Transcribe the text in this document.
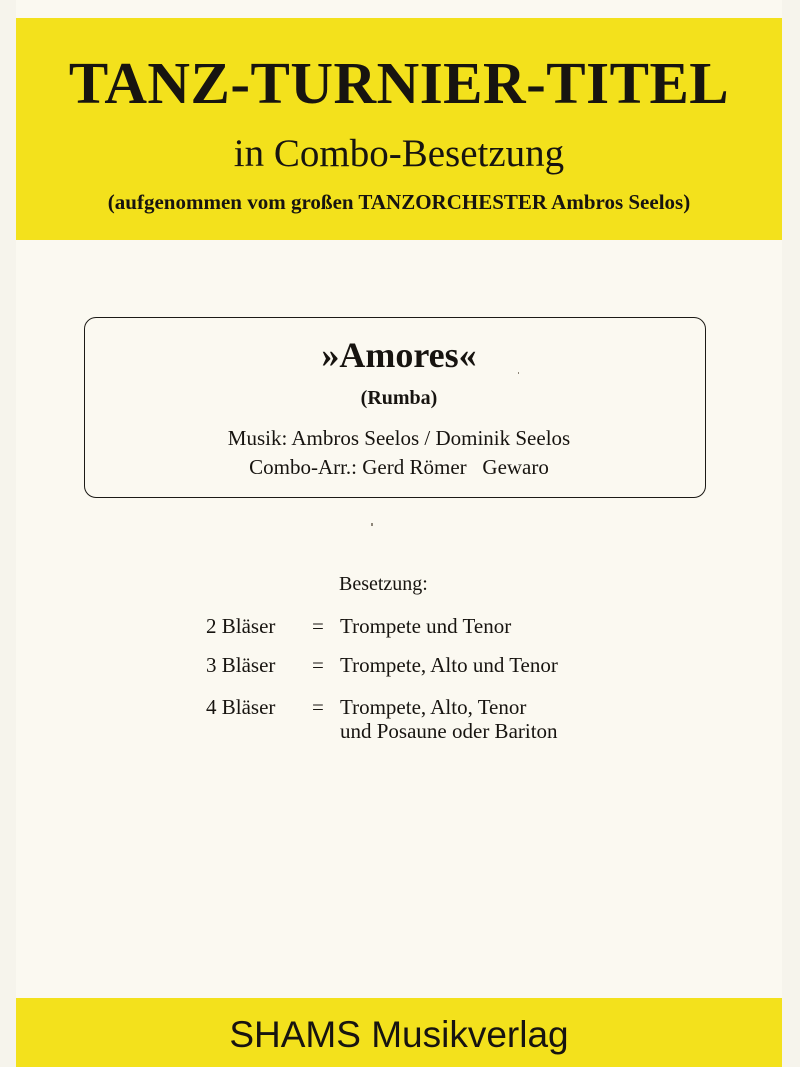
TANZ-TURNIER-TITEL
in Combo-Besetzung
(aufgenommen vom großen TANZORCHESTER Ambros Seelos)
»Amores«
(Rumba)
Musik: Ambros Seelos / Dominik Seelos
Combo-Arr.: Gerd Römer   Gewaro
Besetzung:
2 Bläser = Trompete und Tenor
3 Bläser = Trompete, Alto und Tenor
4 Bläser = Trompete, Alto, Tenor
und Posaune oder Bariton
SHAMS Musikverlag
